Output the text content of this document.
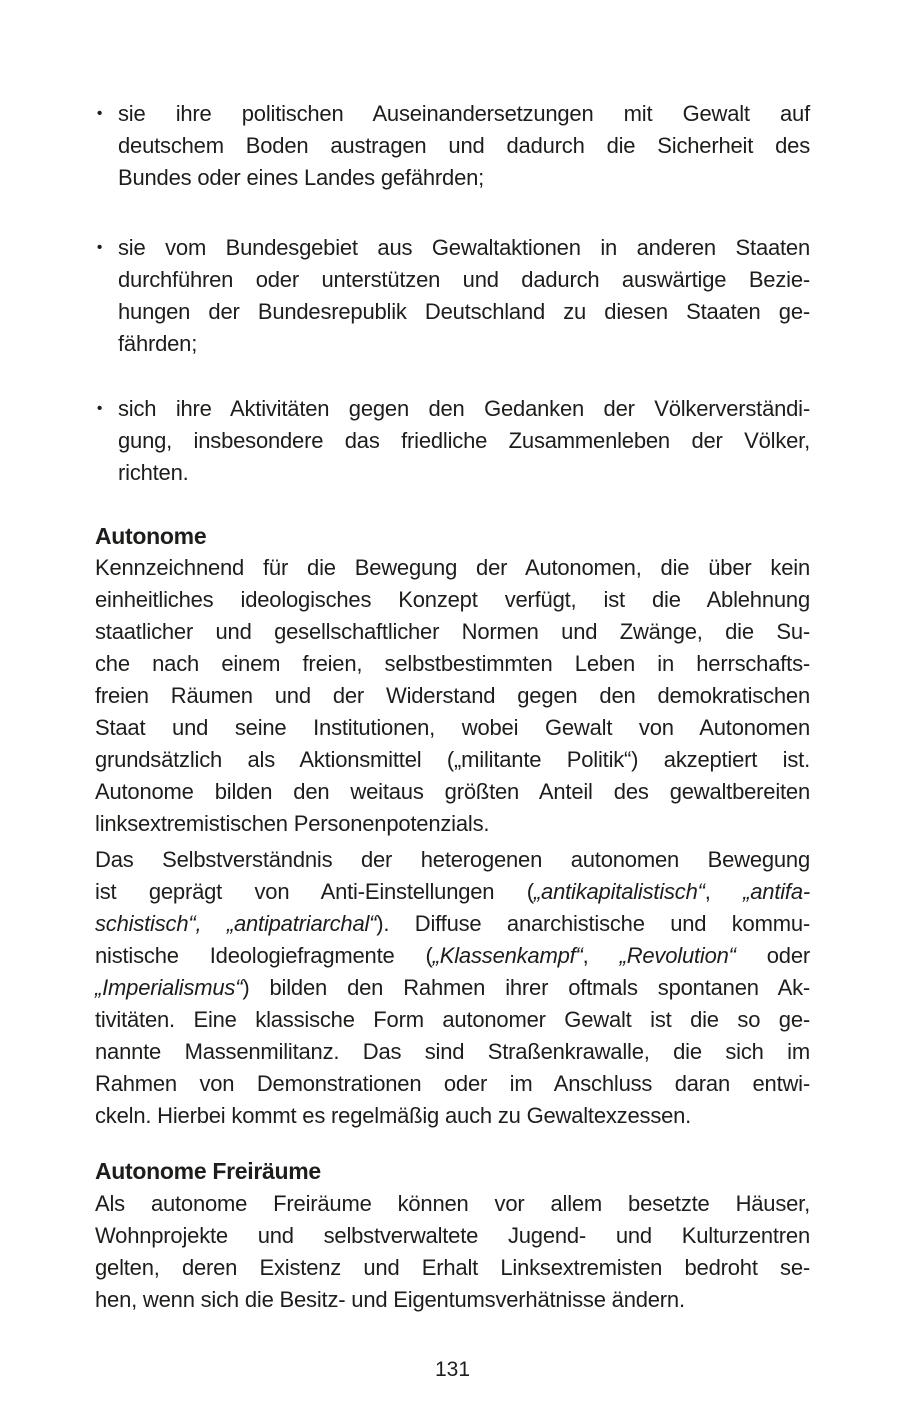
• sie ihre politischen Auseinandersetzungen mit Gewalt auf
deutschem Boden austragen und dadurch die Sicherheit des
Bundes oder eines Landes gefährden;
• sie vom Bundesgebiet aus Gewaltaktionen in anderen Staaten
durchführen oder unterstützen und dadurch auswärtige Bezie-
hungen der Bundesrepublik Deutschland zu diesen Staaten ge-
fährden;
• sich ihre Aktivitäten gegen den Gedanken der Völkerverständi-
gung, insbesondere das friedliche Zusammenleben der Völker,
richten.
Autonome
Kennzeichnend für die Bewegung der Autonomen, die über kein
einheitliches ideologisches Konzept verfügt, ist die Ablehnung
staatlicher und gesellschaftlicher Normen und Zwänge, die Su-
che nach einem freien, selbstbestimmten Leben in herrschafts-
freien Räumen und der Widerstand gegen den demokratischen
Staat und seine Institutionen, wobei Gewalt von Autonomen
grundsätzlich als Aktionsmittel („militante Politik“) akzeptiert ist.
Autonome bilden den weitaus größten Anteil des gewaltbereiten
linksextremistischen Personenpotenzials.
Das Selbstverständnis der heterogenen autonomen Bewegung
ist geprägt von Anti-Einstellungen („antikapitalistisch“, „antifa-
schistisch“, „antipatriarchal“). Diffuse anarchistische und kommu-
nistische Ideologiefragmente („Klassenkampf“, „Revolution“ oder
„Imperialismus“) bilden den Rahmen ihrer oftmals spontanen Ak-
tivitäten. Eine klassische Form autonomer Gewalt ist die so ge-
nannte Massenmilitanz. Das sind Straßenkrawalle, die sich im
Rahmen von Demonstrationen oder im Anschluss daran entwi-
ckeln. Hierbei kommt es regelmäßig auch zu Gewaltexzessen.
Autonome Freiräume
Als autonome Freiräume können vor allem besetzte Häuser,
Wohnprojekte und selbstverwaltete Jugend- und Kulturzentren
gelten, deren Existenz und Erhalt Linksextremisten bedroht se-
hen, wenn sich die Besitz- und Eigentumsverhätnisse ändern.
131
